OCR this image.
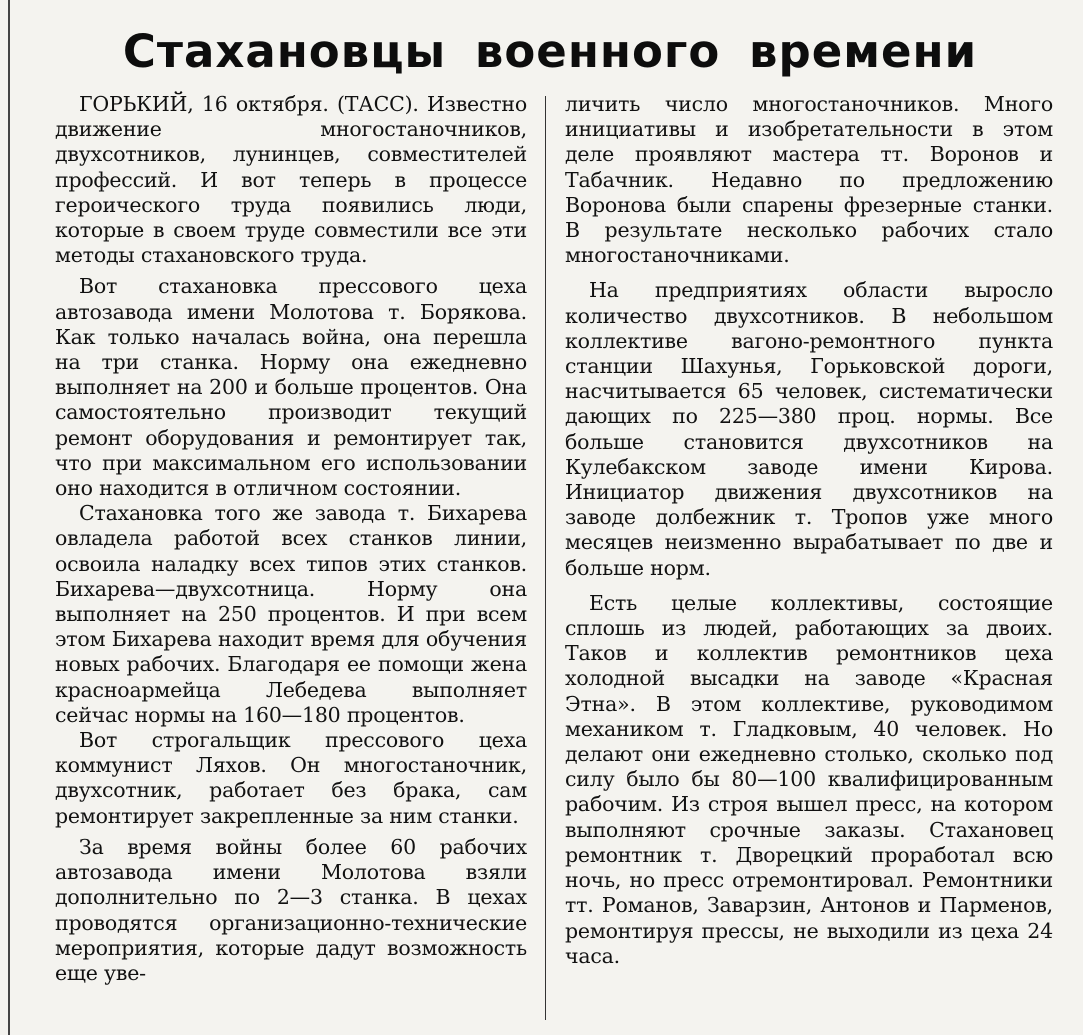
Стахановцы военного времени

ГОРЬКИЙ, 16 октября. (ТАСС). Известно движение многостаночников, двухсотников, лунинцев, совместителей профессий. И вот теперь в процессе героического труда появились люди, которые в своем труде совместили все эти методы стахановского труда.

Вот стахановка прессового цеха автозавода имени Молотова т. Борякова. Как только началась война, она перешла на три станка. Норму она ежедневно выполняет на 200 и больше процентов. Она самостоятельно производит текущий ремонт оборудования и ремонтирует так, что при максимальном его использовании оно находится в отличном состоянии.

Стахановка того же завода т. Бихарева овладела работой всех станков линии, освоила наладку всех типов этих станков. Бихарева—двухсотница. Норму она выполняет на 250 процентов. И при всем этом Бихарева находит время для обучения новых рабочих. Благодаря ее помощи жена красноармейца Лебедева выполняет сейчас нормы на 160—180 процентов.

Вот строгальщик прессового цеха коммунист Ляхов. Он многостаночник, двухсотник, работает без брака, сам ремонтирует закрепленные за ним станки.

За время войны более 60 рабочих автозавода имени Молотова взяли дополнительно по 2—3 станка. В цехах проводятся организационно-технические мероприятия, которые дадут возможность еще уве-

личить число многостаночников. Много инициативы и изобретательности в этом деле проявляют мастера тт. Воронов и Табачник. Недавно по предложению Воронова были спарены фрезерные станки. В результате несколько рабочих стало многостаночниками.

На предприятиях области выросло количество двухсотников. В небольшом коллективе вагоно-ремонтного пункта станции Шахунья, Горьковской дороги, насчитывается 65 человек, систематически дающих по 225—380 проц. нормы. Все больше становится двухсотников на Кулебакском заводе имени Кирова. Инициатор движения двухсотников на заводе долбежник т. Тропов уже много месяцев неизменно вырабатывает по две и больше норм.

Есть целые коллективы, состоящие сплошь из людей, работающих за двоих. Таков и коллектив ремонтников цеха холодной высадки на заводе «Красная Этна». В этом коллективе, руководимом механиком т. Гладковым, 40 человек. Но делают они ежедневно столько, сколько под силу было бы 80—100 квалифицированным рабочим. Из строя вышел пресс, на котором выполняют срочные заказы. Стахановец ремонтник т. Дворецкий проработал всю ночь, но пресс отремонтировал. Ремонтники тт. Романов, Заварзин, Антонов и Парменов, ремонтируя прессы, не выходили из цеха 24 часа.
